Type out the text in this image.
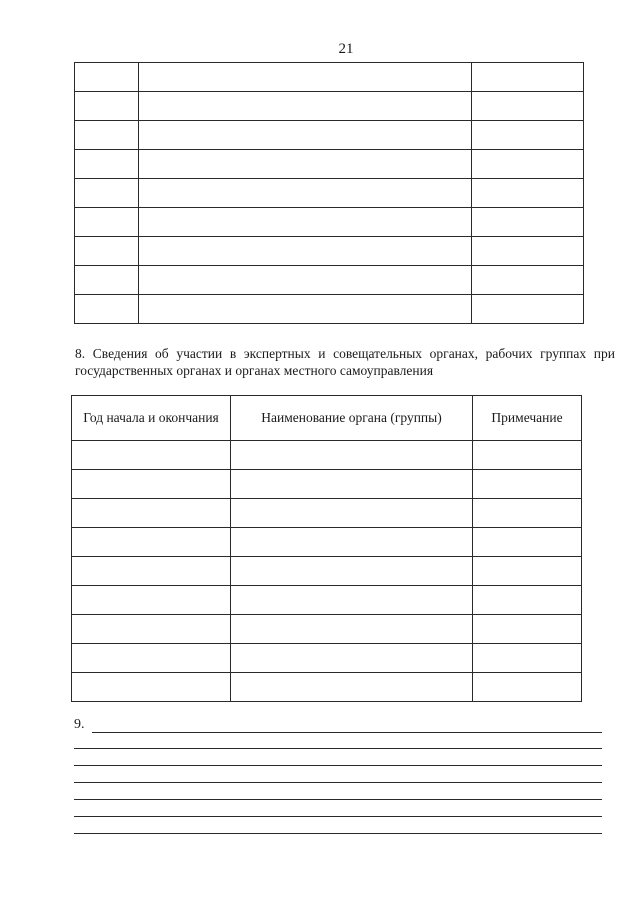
21

8. Сведения об участии в экспертных и совещательных органах, рабочих группах при государственных органах и органах местного самоуправления
Год начала и окончания	Наименование органа (группы)	Примечание

9.
